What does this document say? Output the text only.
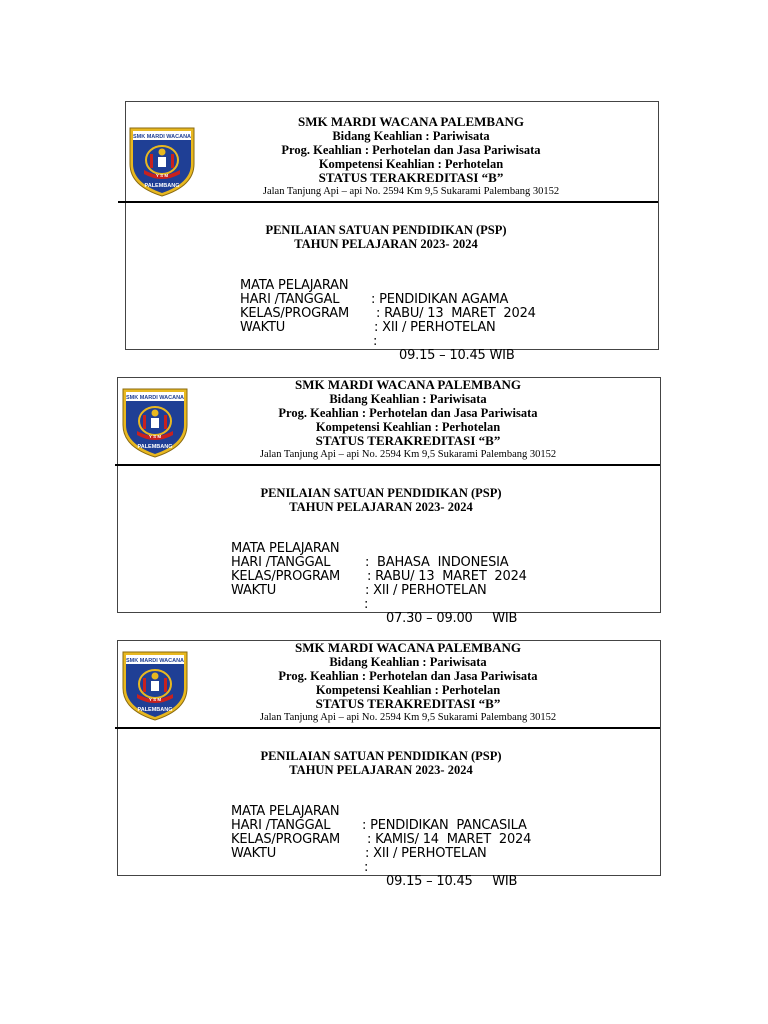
SMK MARDI WACANA
Y S M
PALEMBANG
SMK MARDI WACANA PALEMBANG
Bidang Keahlian : Pariwisata
Prog. Keahlian : Perhotelan dan Jasa Pariwisata
Kompetensi Keahlian : Perhotelan
STATUS TERAKREDITASI “B”
Jalan Tanjung Api – api No. 2594 Km 9,5 Sukarami Palembang 30152
PENILAIAN SATUAN PENDIDIKAN (PSP)
TAHUN PELAJARAN 2023- 2024

MATA PELAJARAN

: PENDIDIKAN AGAMA

HARI /TANGGAL

: RABU/ 13  MARET  2024

KELAS/PROGRAM

: XII / PERHOTELAN

WAKTU

:

09.15 – 10.45 WIB

SMK MARDI WACANA
Y S M
PALEMBANG
SMK MARDI WACANA PALEMBANG
Bidang Keahlian : Pariwisata
Prog. Keahlian : Perhotelan dan Jasa Pariwisata
Kompetensi Keahlian : Perhotelan
STATUS TERAKREDITASI “B”
Jalan Tanjung Api – api No. 2594 Km 9,5 Sukarami Palembang 30152
PENILAIAN SATUAN PENDIDIKAN (PSP)
TAHUN PELAJARAN 2023- 2024

MATA PELAJARAN

:  BAHASA  INDONESIA

HARI /TANGGAL

: RABU/ 13  MARET  2024

KELAS/PROGRAM

: XII / PERHOTELAN

WAKTU

:

07.30 – 09.00     WIB

SMK MARDI WACANA
Y S M
PALEMBANG
SMK MARDI WACANA PALEMBANG
Bidang Keahlian : Pariwisata
Prog. Keahlian : Perhotelan dan Jasa Pariwisata
Kompetensi Keahlian : Perhotelan
STATUS TERAKREDITASI “B”
Jalan Tanjung Api – api No. 2594 Km 9,5 Sukarami Palembang 30152
PENILAIAN SATUAN PENDIDIKAN (PSP)
TAHUN PELAJARAN 2023- 2024

MATA PELAJARAN

: PENDIDIKAN  PANCASILA

HARI /TANGGAL

: KAMIS/ 14  MARET  2024

KELAS/PROGRAM

: XII / PERHOTELAN

WAKTU

:

09.15 – 10.45     WIB
